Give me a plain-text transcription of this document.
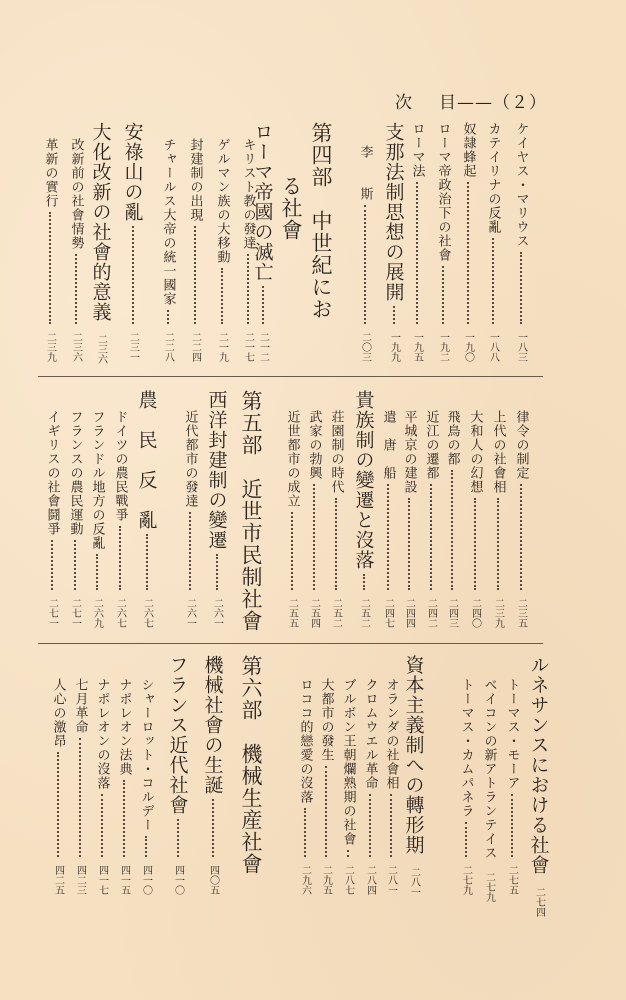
次 目——（２）
ケイヤス・マリウス
一八三
カテイリナの反亂
一八八
奴隷蜂起
一九〇
ローマ帝政治下の社會
一九二
ローマ法
一九五
支那法制思想の展開
一九九
李　　斯
二〇三
第四部　中世紀にお
る社會
ローマ帝國の滅亡
二一二
キリスト教の發達
二一七
ゲルマン族の大移動
二一九
封建制の出現
二二四
チャールス大帝の統一國家
二二八
安祿山の亂
二三一
大化改新の社會的意義
二三六
改新前の社會情勢
二三六
革新の實行
二三九
律令の制定
二三五
上代の社會相
二三九
大和人の幻想
二四〇
飛鳥の都
二四三
近江の遷都
二四二
平城京の建設
二四四
遣　唐　船
二四七
貴族制の變遷と沒落
二五二
荘園制の時代
二五二
武家の勃興
二五四
近世都市の成立
二五五
第五部　近世市民制社會
西洋封建制の變遷
二六一
近代都市の發達
二六一
農　民　反　亂
二六七
ドイツの農民戰爭
二六七
フランドル地方の反亂
二六九
フランスの農民運動
二七一
イギリスの社會鬪爭
二七一
ルネサンスにおける社會
二七四
トーマス・モーア
二七五
ベイコンの新アトランテイス
二七九
トーマス・カムパネラ
二七九
資本主義制への轉形期
二八一
オランダの社會相
二八一
クロムウエル革命
二八四
ブルボン王朝爛熟期の社會
二八七
大都市の發生
二九五
ロココ的戀愛の沒落
二九六
第六部　機械生産社會
機械社會の生誕
四〇五
フランス近代社會
四一〇
シャーロット・コルデー
四一〇
ナポレオン法典
四一五
ナポレオンの沒落
四一七
七月革命
四二三
人心の激昂
四二五
